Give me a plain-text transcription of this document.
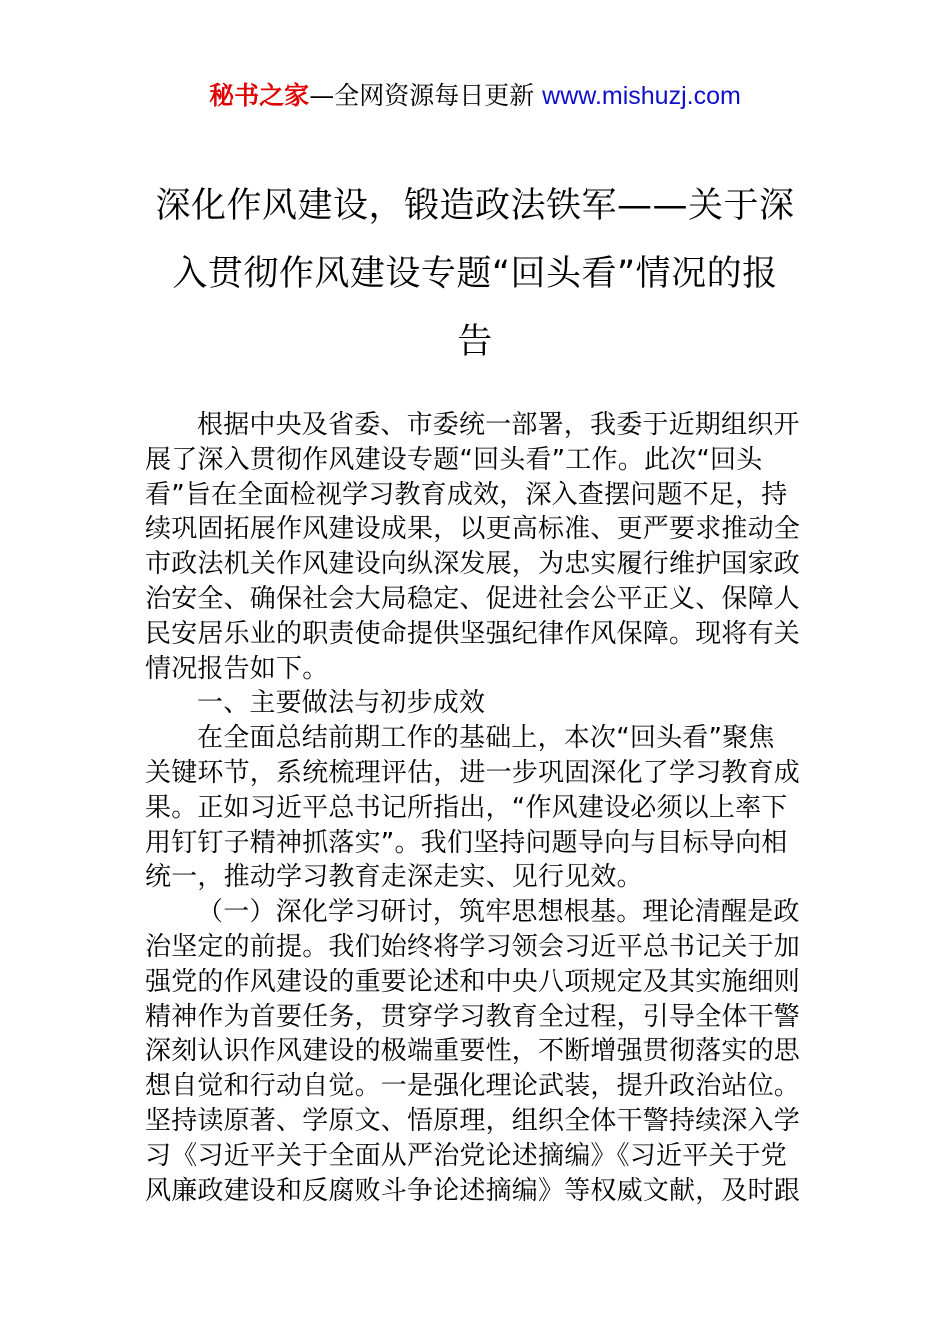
秘书之家—全网资源每日更新 www.mishuzj.com
深化作风建设，锻造政法铁军——关于深
入贯彻作风建设专题“回头看”情况的报
告

根据中央及省委、市委统一部署，我委于近期组织开
展了深入贯彻作风建设专题“回头看”工作。此次“回头
看”旨在全面检视学习教育成效，深入查摆问题不足，持
续巩固拓展作风建设成果，以更高标准、更严要求推动全
市政法机关作风建设向纵深发展，为忠实履行维护国家政
治安全、确保社会大局稳定、促进社会公平正义、保障人
民安居乐业的职责使命提供坚强纪律作风保障。现将有关
情况报告如下。

一、主要做法与初步成效

在全面总结前期工作的基础上，本次“回头看”聚焦
关键环节，系统梳理评估，进一步巩固深化了学习教育成
果。正如习近平总书记所指出，“作风建设必须以上率下
用钉钉子精神抓落实”。我们坚持问题导向与目标导向相
统一，推动学习教育走深走实、见行见效。

（一）深化学习研讨，筑牢思想根基。理论清醒是政
治坚定的前提。我们始终将学习领会习近平总书记关于加
强党的作风建设的重要论述和中央八项规定及其实施细则
精神作为首要任务，贯穿学习教育全过程，引导全体干警
深刻认识作风建设的极端重要性，不断增强贯彻落实的思
想自觉和行动自觉。一是强化理论武装，提升政治站位。
坚持读原著、学原文、悟原理，组织全体干警持续深入学
习《习近平关于全面从严治党论述摘编》《习近平关于党
风廉政建设和反腐败斗争论述摘编》等权威文献，及时跟
